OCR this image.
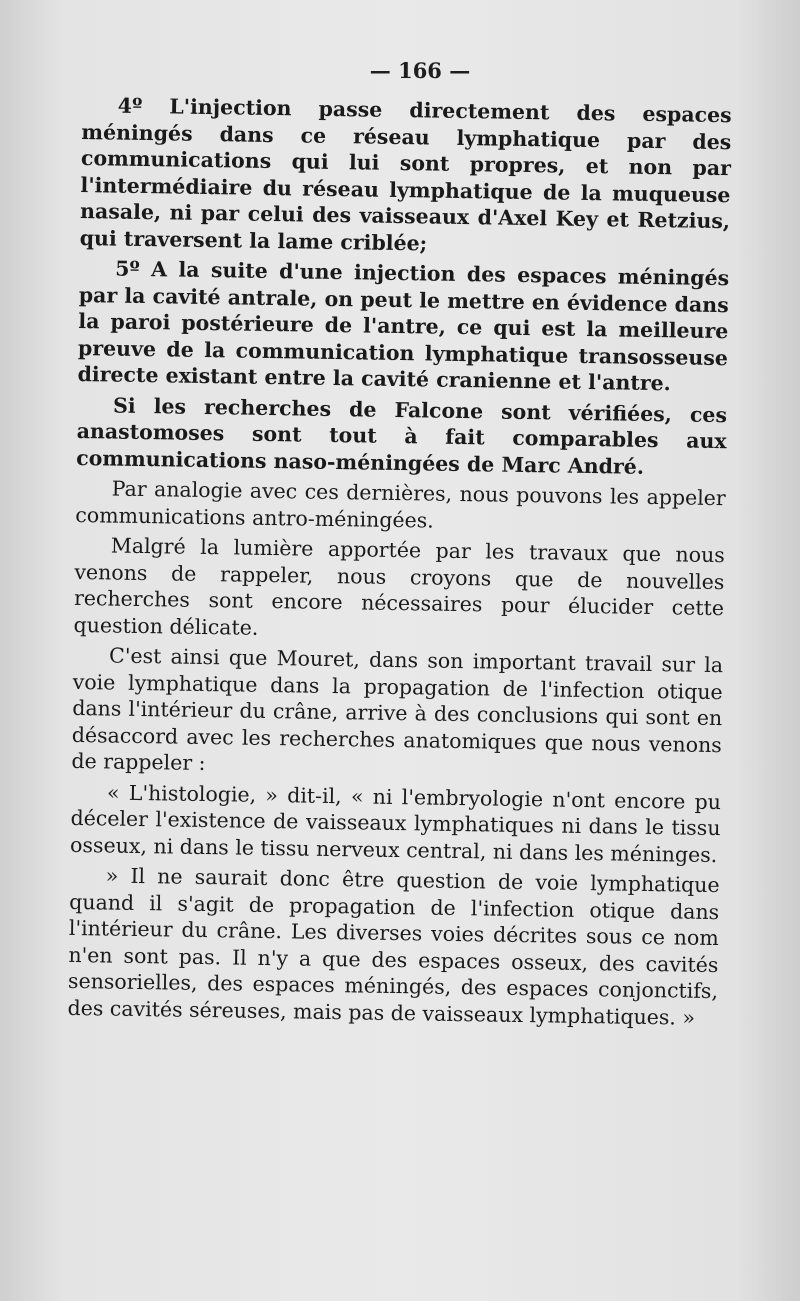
— 166 —

4º L'injection passe directement des espaces méningés dans ce réseau lymphatique par des communications qui lui sont propres, et non par l'intermédiaire du réseau lymphatique de la muqueuse nasale, ni par celui des vaisseaux d'Axel Key et Retzius, qui traversent la lame criblée;

5º A la suite d'une injection des espaces méningés par la cavité antrale, on peut le mettre en évidence dans la paroi postérieure de l'antre, ce qui est la meilleure preuve de la communication lymphatique transosseuse directe existant entre la cavité cranienne et l'antre.

Si les recherches de Falcone sont vérifiées, ces anastomoses sont tout à fait comparables aux communications naso-méningées de Marc André.

Par analogie avec ces dernières, nous pouvons les appeler communications antro-méningées.

Malgré la lumière apportée par les travaux que nous venons de rappeler, nous croyons que de nouvelles recherches sont encore nécessaires pour élucider cette question délicate.

C'est ainsi que Mouret, dans son important travail sur la voie lymphatique dans la propagation de l'infection otique dans l'intérieur du crâne, arrive à des conclusions qui sont en désaccord avec les recherches anatomiques que nous venons de rappeler :

« L'histologie, » dit-il, « ni l'embryologie n'ont encore pu déceler l'existence de vaisseaux lymphatiques ni dans le tissu osseux, ni dans le tissu nerveux central, ni dans les méninges.

» Il ne saurait donc être question de voie lymphatique quand il s'agit de propagation de l'infection otique dans l'intérieur du crâne. Les diverses voies décrites sous ce nom n'en sont pas. Il n'y a que des espaces osseux, des cavités sensorielles, des espaces méningés, des espaces conjonctifs, des cavités séreuses, mais pas de vaisseaux lymphatiques. »
